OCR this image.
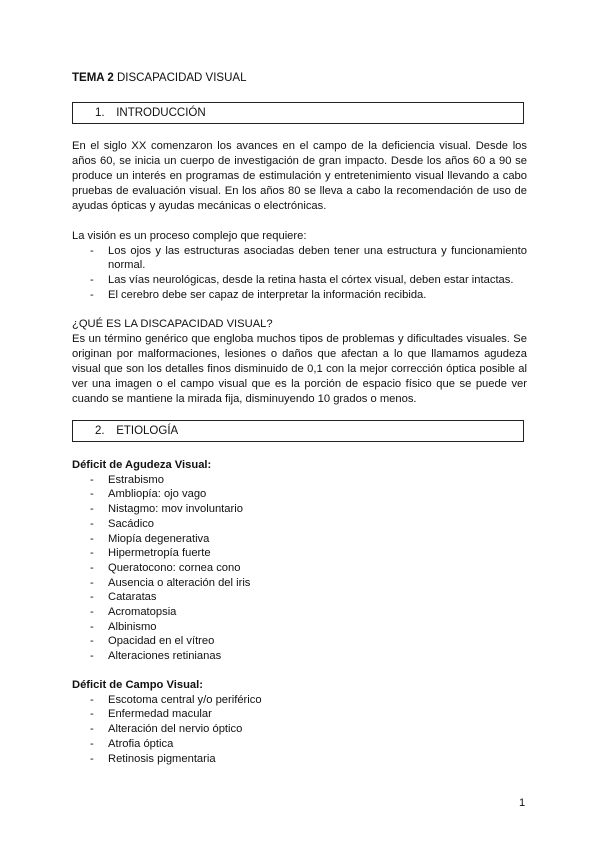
TEMA 2 DISCAPACIDAD VISUAL
1. INTRODUCCIÓN

En el siglo XX comenzaron los avances en el campo de la deficiencia visual. Desde los años 60, se inicia un cuerpo de investigación de gran impacto. Desde los años 60 a 90 se produce un interés en programas de estimulación y entretenimiento visual llevando a cabo pruebas de evaluación visual. En los años 80 se lleva a cabo la recomendación de uso de ayudas ópticas y ayudas mecánicas o electrónicas.

La visión es un proceso complejo que requiere:
- Los ojos y las estructuras asociadas deben tener una estructura y funcionamiento normal.
- Las vías neurológicas, desde la retina hasta el córtex visual, deben estar intactas.
- El cerebro debe ser capaz de interpretar la información recibida.

¿QUÉ ES LA DISCAPACIDAD VISUAL?

Es un término genérico que engloba muchos tipos de problemas y dificultades visuales. Se originan por malformaciones, lesiones o daños que afectan a lo que llamamos agudeza visual que son los detalles finos disminuido de 0,1 con la mejor corrección óptica posible al ver una imagen o el campo visual que es la porción de espacio físico que se puede ver cuando se mantiene la mirada fija, disminuyendo 10 grados o menos.

2. ETIOLOGÍA
Déficit de Agudeza Visual:
- Estrabismo
- Ambliopía: ojo vago
- Nistagmo: mov involuntario
- Sacádico
- Miopía degenerativa
- Hipermetropía fuerte
- Queratocono: cornea cono
- Ausencia o alteración del iris
- Cataratas
- Acromatopsia
- Albinismo
- Opacidad en el vítreo
- Alteraciones retinianas
Déficit de Campo Visual:
- Escotoma central y/o periférico
- Enfermedad macular
- Alteración del nervio óptico
- Atrofia óptica
- Retinosis pigmentaria
1
